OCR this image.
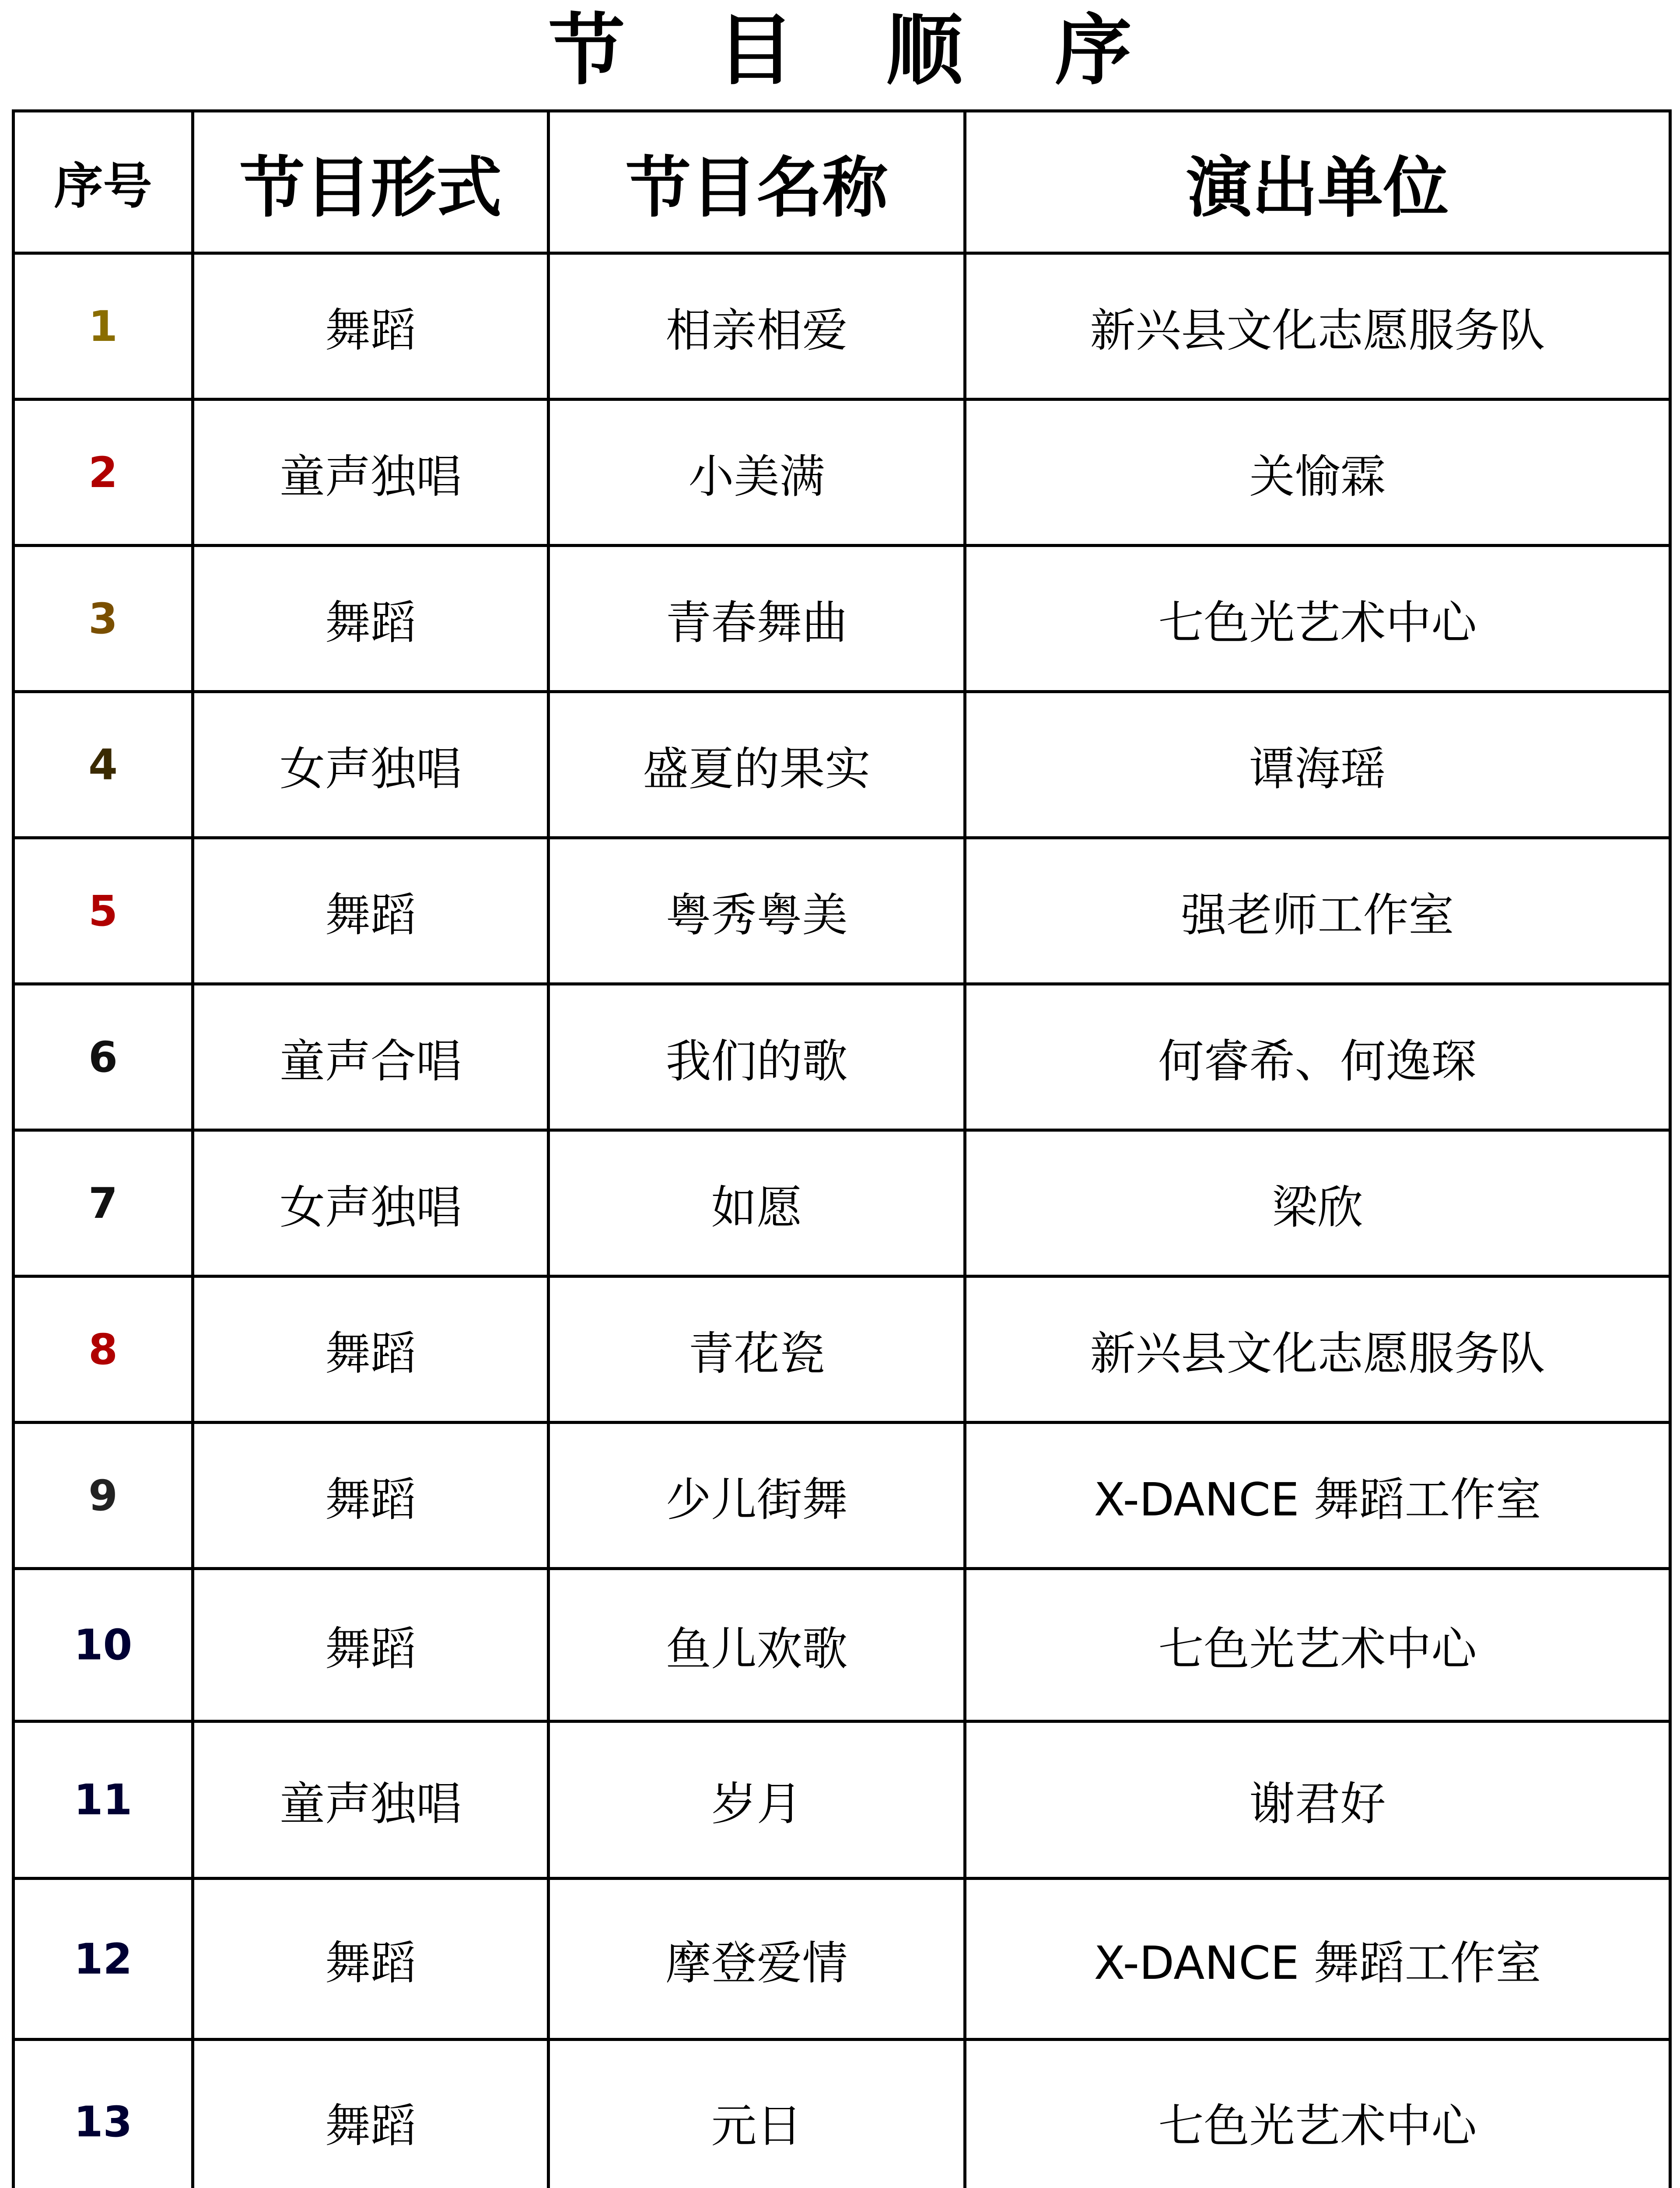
节 目 顺 序
序号	节目形式	节目名称	演出单位
1	舞蹈	相亲相爱	新兴县文化志愿服务队
2	童声独唱	小美满	关愉霖
3	舞蹈	青春舞曲	七色光艺术中心
4	女声独唱	盛夏的果实	谭海瑶
5	舞蹈	粤秀粤美	强老师工作室
6	童声合唱	我们的歌	何睿希、何逸琛
7	女声独唱	如愿	梁欣
8	舞蹈	青花瓷	新兴县文化志愿服务队
9	舞蹈	少儿街舞	X-DANCE 舞蹈工作室
10	舞蹈	鱼儿欢歌	七色光艺术中心
11	童声独唱	岁月	谢君好
12	舞蹈	摩登爱情	X-DANCE 舞蹈工作室
13	舞蹈	元日	七色光艺术中心
